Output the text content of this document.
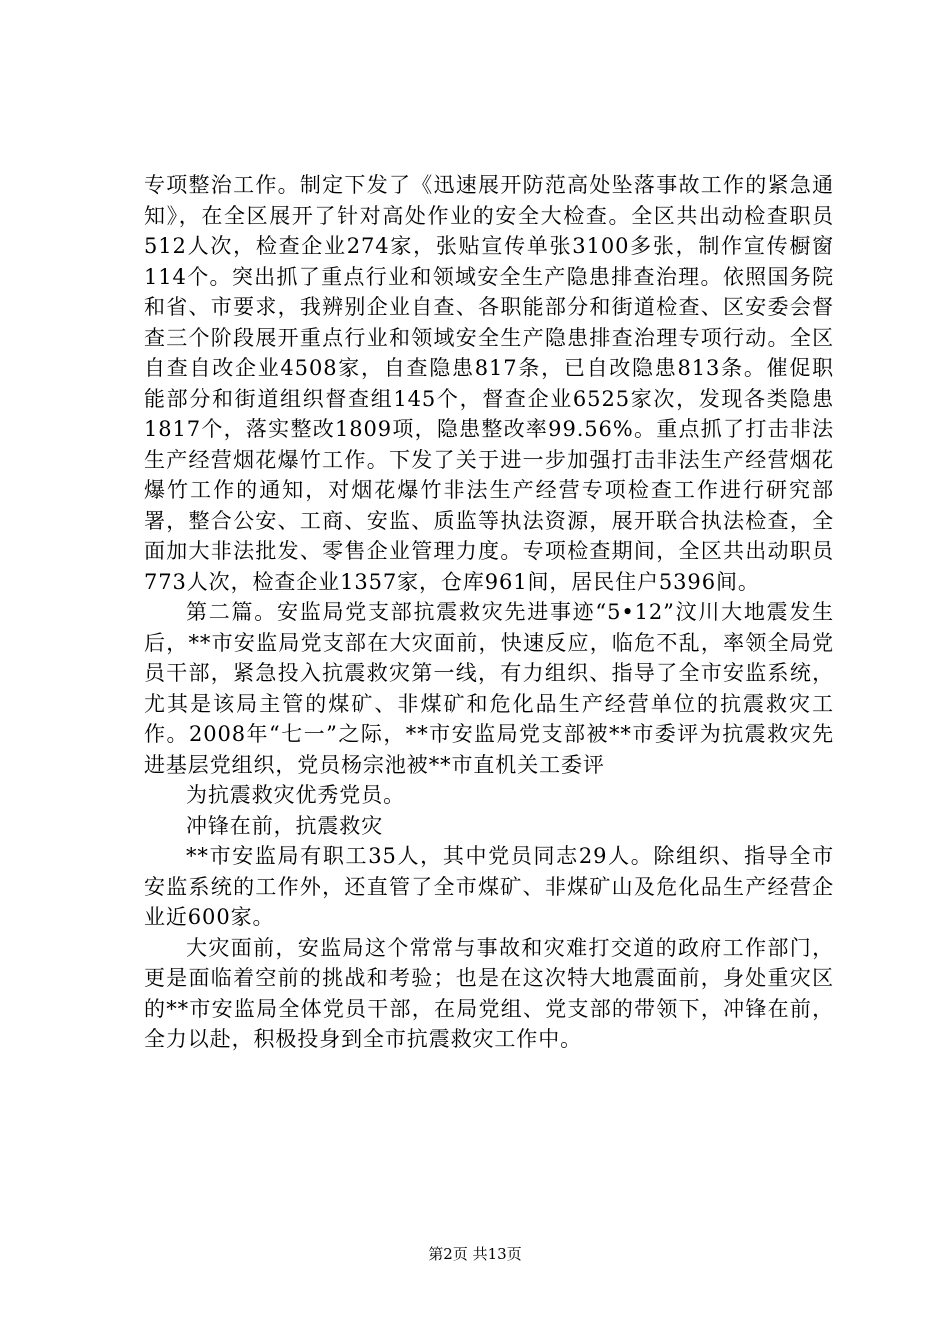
专项整治工作。制定下发了《迅速展开防范高处坠落事故工作的紧急通知》，在全区展开了针对高处作业的安全大检查。全区共出动检查职员512人次，检查企业274家，张贴宣传单张3100多张，制作宣传橱窗114个。突出抓了重点行业和领域安全生产隐患排查治理。依照国务院和省、市要求，我辨别企业自查、各职能部分和街道检查、区安委会督查三个阶段展开重点行业和领域安全生产隐患排查治理专项行动。全区自查自改企业4508家，自查隐患817条，已自改隐患813条。催促职能部分和街道组织督查组145个，督查企业6525家次，发现各类隐患1817个，落实整改1809项，隐患整改率99.56%。重点抓了打击非法生产经营烟花爆竹工作。下发了关于进一步加强打击非法生产经营烟花爆竹工作的通知，对烟花爆竹非法生产经营专项检查工作进行研究部署，整合公安、工商、安监、质监等执法资源，展开联合执法检查，全面加大非法批发、零售企业管理力度。专项检查期间，全区共出动职员773人次，检查企业1357家，仓库961间，居民住户5396间。

第二篇。安监局党支部抗震救灾先进事迹“5•12”汶川大地震发生后，**市安监局党支部在大灾面前，快速反应，临危不乱，率领全局党员干部，紧急投入抗震救灾第一线，有力组织、指导了全市安监系统，尤其是该局主管的煤矿、非煤矿和危化品生产经营单位的抗震救灾工作。2008年“七一”之际，**市安监局党支部被**市委评为抗震救灾先进基层党组织，党员杨宗池被**市直机关工委评

为抗震救灾优秀党员。

冲锋在前，抗震救灾

**市安监局有职工35人，其中党员同志29人。除组织、指导全市安监系统的工作外，还直管了全市煤矿、非煤矿山及危化品生产经营企业近600家。

大灾面前，安监局这个常常与事故和灾难打交道的政府工作部门，更是面临着空前的挑战和考验；也是在这次特大地震面前，身处重灾区的**市安监局全体党员干部，在局党组、党支部的带领下，冲锋在前，全力以赴，积极投身到全市抗震救灾工作中。

第2页 共13页
